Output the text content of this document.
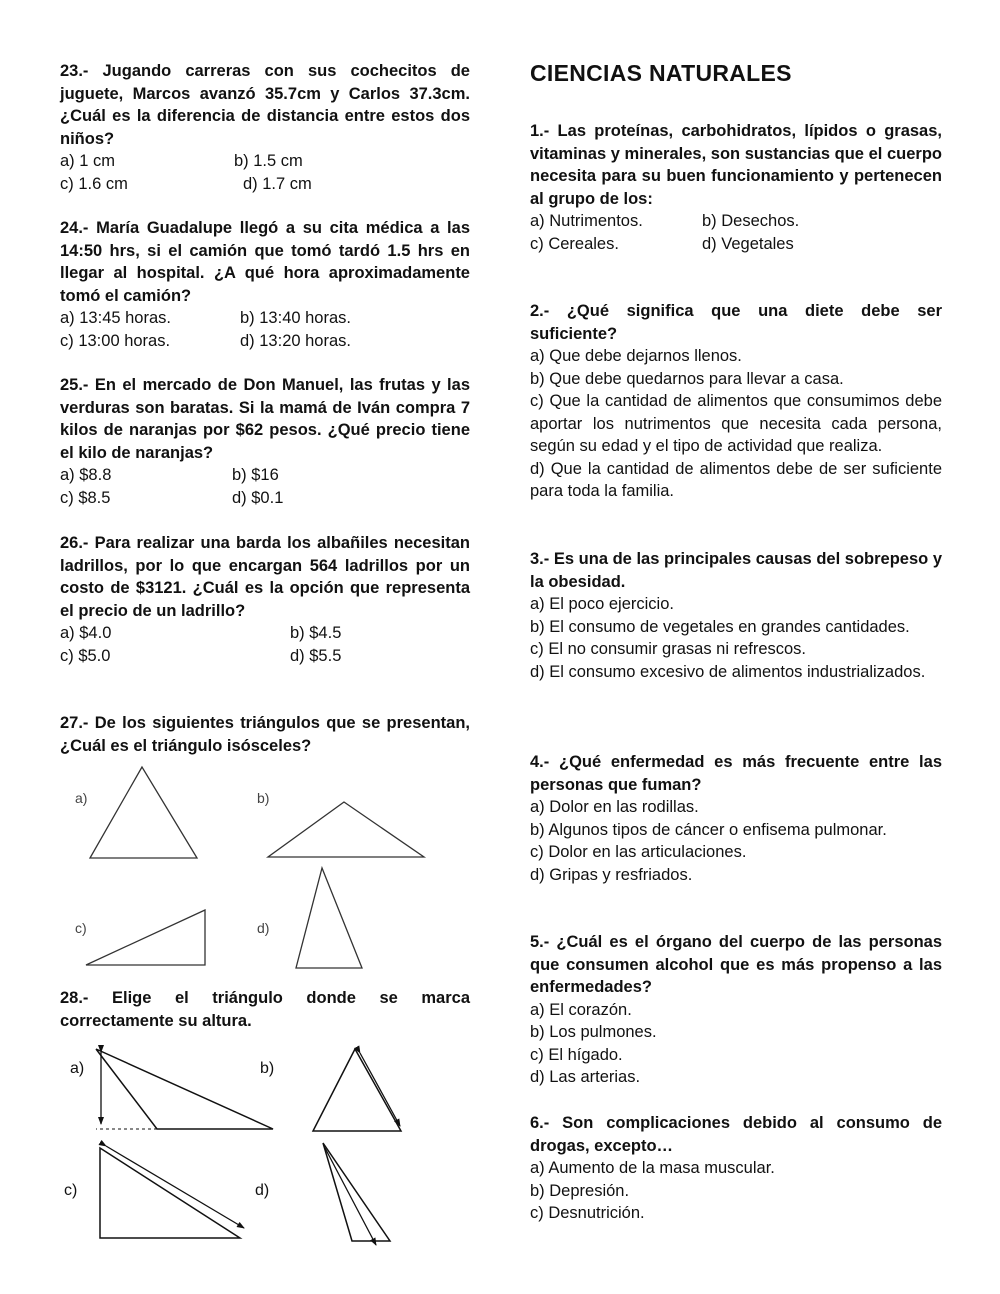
23.- Jugando carreras con sus cochecitos de juguete, Marcos avanzó 35.7cm y Carlos 37.3cm. ¿Cuál es la diferencia de distancia entre estos dos niños?
a) 1 cm	b) 1.5 cm
c) 1.6 cm	d) 1.7 cm
24.- María Guadalupe llegó a su cita médica a las 14:50 hrs, si el camión que tomó tardó 1.5 hrs en llegar al hospital. ¿A qué hora aproximadamente tomó el camión?
a) 13:45 horas.	b) 13:40 horas.
c) 13:00 horas.	d) 13:20 horas.
25.- En el mercado de Don Manuel, las frutas y las verduras son baratas. Si la mamá de Iván compra 7 kilos de naranjas por $62 pesos. ¿Qué precio tiene el kilo de naranjas?
a) $8.8	b) $16
c) $8.5	d) $0.1
26.- Para realizar una barda los albañiles necesitan ladrillos, por lo que encargan 564 ladrillos por un costo de $3121. ¿Cuál es la opción que representa el precio de un ladrillo?
a) $4.0	b) $4.5
c) $5.0	d) $5.5
27.- De los siguientes triángulos que se presentan, ¿Cuál es el triángulo isósceles?
28.- Elige el triángulo donde se marca correctamente su altura.
a)	b)
c)	d)
a)	b)
c)	d)
CIENCIAS NATURALES
1.- Las proteínas, carbohidratos, lípidos o grasas, vitaminas y minerales, son sustancias que el cuerpo necesita para su buen funcionamiento y pertenecen al grupo de los:
a) Nutrimentos.	b) Desechos.
c) Cereales.	d) Vegetales
2.- ¿Qué significa que una diete debe ser suficiente?
a) Que debe dejarnos llenos.
b) Que debe quedarnos para llevar a casa.
c) Que la cantidad de alimentos que consumimos debe aportar los nutrimentos que necesita cada persona, según su edad y el tipo de actividad que realiza.
d) Que la cantidad de alimentos debe de ser suficiente para toda la familia.
3.- Es una de las principales causas del sobrepeso y la obesidad.
a) El poco ejercicio.
b) El consumo de vegetales en grandes cantidades.
c) El no consumir grasas ni refrescos.
d) El consumo excesivo de alimentos industrializados.
4.- ¿Qué enfermedad es más frecuente entre las personas que fuman?
a) Dolor en las rodillas.
b) Algunos tipos de cáncer o enfisema pulmonar.
c) Dolor en las articulaciones.
d) Gripas y resfriados.
5.- ¿Cuál es el órgano del cuerpo de las personas que consumen alcohol que es más propenso a las enfermedades?
a) El corazón.
b) Los pulmones.
c) El hígado.
d) Las arterias.
6.- Son complicaciones debido al consumo de drogas, excepto…
a) Aumento de la masa muscular.
b) Depresión.
c) Desnutrición.
